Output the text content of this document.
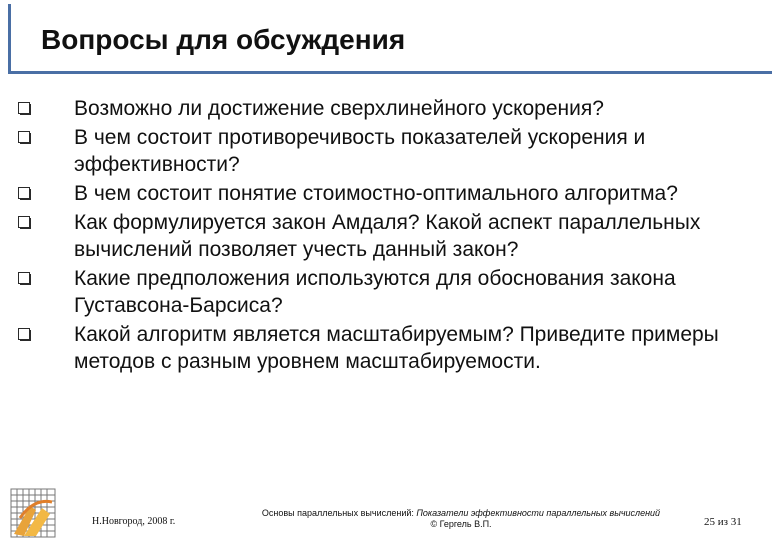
Вопросы для обсуждения
Возможно ли достижение сверхлинейного ускорения?
В чем состоит противоречивость показателей ускорения и эффективности?
В чем состоит понятие стоимостно-оптимального алгоритма?
Как формулируется закон Амдаля? Какой аспект параллельных вычислений позволяет учесть данный закон?
Какие предположения используются для обоснования закона Густавсона-Барсиса?
Какой алгоритм является масштабируемым? Приведите примеры методов с разным уровнем масштабируемости.
Н.Новгород, 2008 г.
Основы параллельных вычислений: Показатели эффективности параллельных вычислений
© Гергель В.П.	25 из 31
